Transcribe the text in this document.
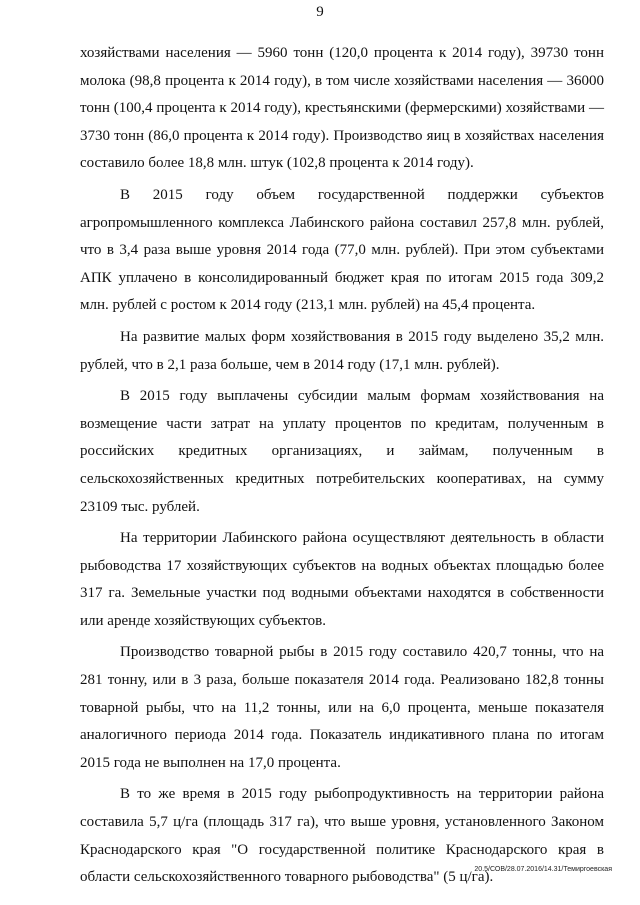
9

хозяйствами населения — 5960 тонн (120,0 процента к 2014 году), 39730 тонн молока (98,8 процента к 2014 году), в том числе хозяйствами населения — 36000 тонн (100,4 процента к 2014 году), крестьянскими (фермерскими) хозяйствами — 3730 тонн (86,0 процента к 2014 году). Производство яиц в хозяйствах населения составило более 18,8 млн. штук (102,8 процента к 2014 году).

В 2015 году объем государственной поддержки субъектов агропромышленного комплекса Лабинского района составил 257,8 млн. рублей, что в 3,4 раза выше уровня 2014 года (77,0 млн. рублей). При этом субъектами АПК уплачено в консолидированный бюджет края по итогам 2015 года 309,2 млн. рублей с ростом к 2014 году (213,1 млн. рублей) на 45,4 процента.

На развитие малых форм хозяйствования в 2015 году выделено 35,2 млн. рублей, что в 2,1 раза больше, чем в 2014 году (17,1 млн. рублей).

В 2015 году выплачены субсидии малым формам хозяйствования на возмещение части затрат на уплату процентов по кредитам, полученным в российских кредитных организациях, и займам, полученным в сельскохозяйственных кредитных потребительских кооперативах, на сумму 23109 тыс. рублей.

На территории Лабинского района осуществляют деятельность в области рыбоводства 17 хозяйствующих субъектов на водных объектах площадью более 317 га. Земельные участки под водными объектами находятся в собственности или аренде хозяйствующих субъектов.

Производство товарной рыбы в 2015 году составило 420,7 тонны, что на 281 тонну, или в 3 раза, больше показателя 2014 года. Реализовано 182,8 тонны товарной рыбы, что на 11,2 тонны, или на 6,0 процента, меньше показателя аналогичного периода 2014 года. Показатель индикативного плана по итогам 2015 года не выполнен на 17,0 процента.

В то же время в 2015 году рыбопродуктивность на территории района составила 5,7 ц/га (площадь 317 га), что выше уровня, установленного Законом Краснодарского края "О государственной политике Краснодарского края в области сельскохозяйственного товарного рыбоводства" (5 ц/га).

20.5/СОВ/28.07.2016/14.31/Темиргоевская
